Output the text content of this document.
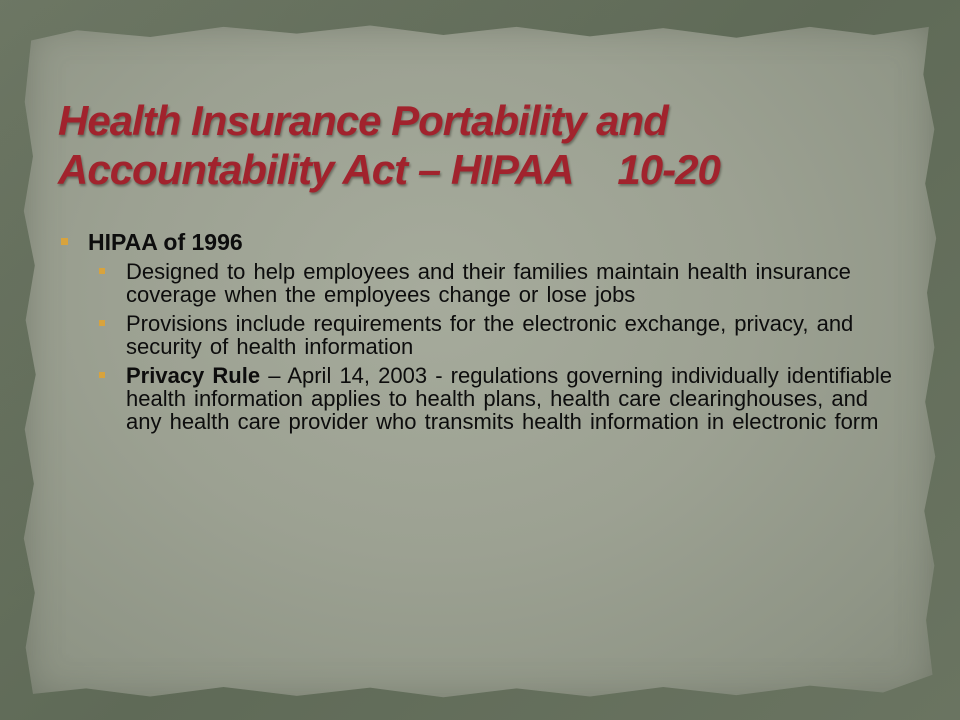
Health Insurance Portability and
Accountability Act – HIPAA 10-20
HIPAA of 1996
Designed to help employees and their families maintain health insurance coverage when the employees change or lose jobs
Provisions include requirements for the electronic exchange, privacy, and security of health information
Privacy Rule – April 14, 2003 - regulations governing individually identifiable health information applies to health plans, health care clearinghouses, and any health care provider who transmits health information in electronic form
